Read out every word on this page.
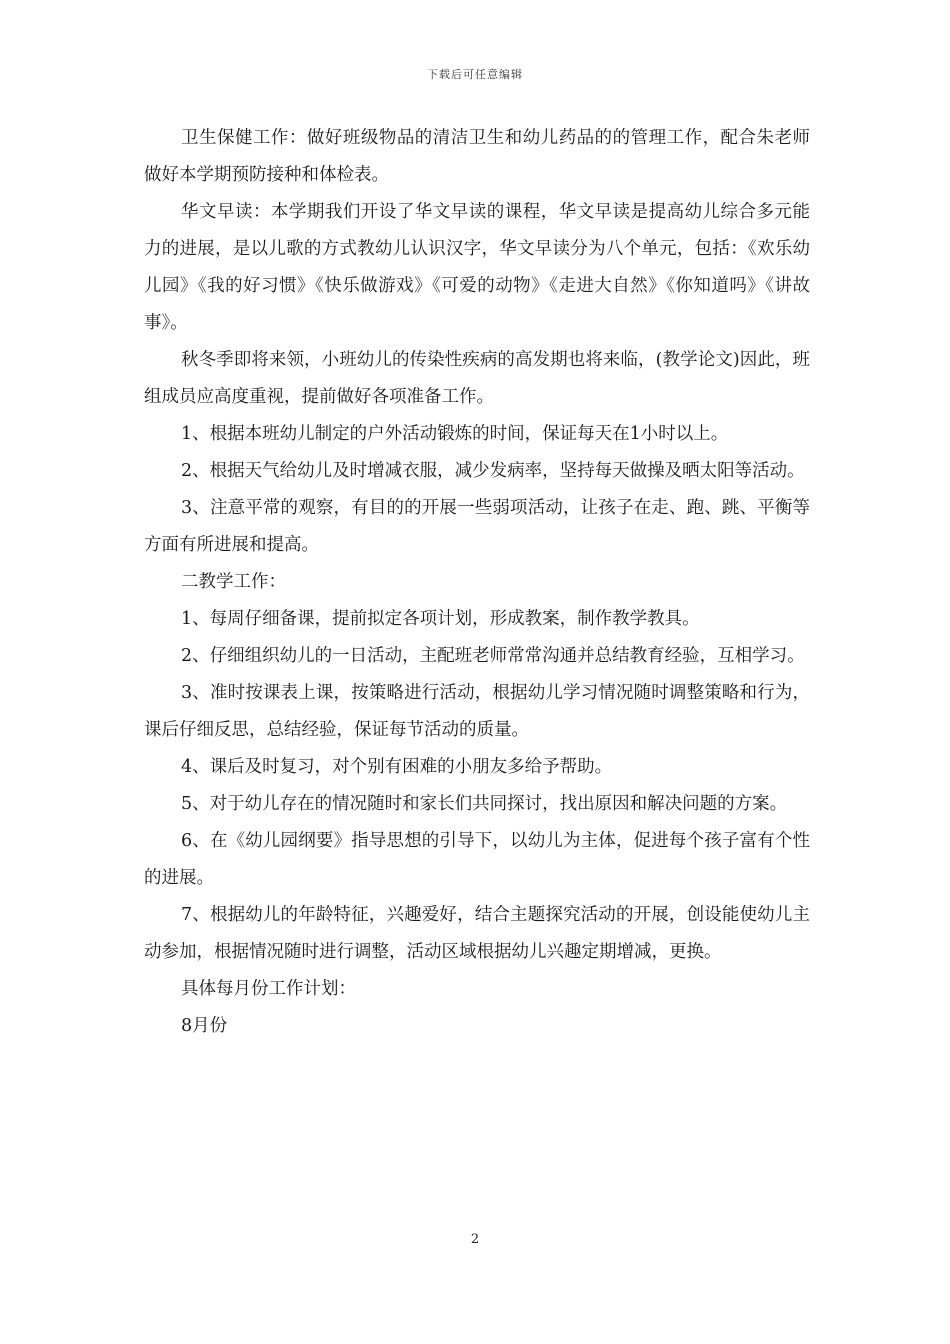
下载后可任意编辑

卫生保健工作：做好班级物品的清洁卫生和幼儿药品的的管理工作，配合朱老师做好本学期预防接种和体检表。

华文早读：本学期我们开设了华文早读的课程，华文早读是提高幼儿综合多元能力的进展，是以儿歌的方式教幼儿认识汉字，华文早读分为八个单元，包括：《欢乐幼儿园》《我的好习惯》《快乐做游戏》《可爱的动物》《走进大自然》《你知道吗》《讲故事》。

秋冬季即将来领，小班幼儿的传染性疾病的高发期也将来临，(教学论文)因此，班组成员应高度重视，提前做好各项准备工作。

1、根据本班幼儿制定的户外活动锻炼的时间，保证每天在1小时以上。

2、根据天气给幼儿及时增减衣服，减少发病率，坚持每天做操及晒太阳等活动。

3、注意平常的观察，有目的的开展一些弱项活动，让孩子在走、跑、跳、平衡等方面有所进展和提高。

二教学工作：

1、每周仔细备课，提前拟定各项计划，形成教案，制作教学教具。

2、仔细组织幼儿的一日活动，主配班老师常常沟通并总结教育经验，互相学习。

3、准时按课表上课，按策略进行活动，根据幼儿学习情况随时调整策略和行为，课后仔细反思，总结经验，保证每节活动的质量。

4、课后及时复习，对个别有困难的小朋友多给予帮助。

5、对于幼儿存在的情况随时和家长们共同探讨，找出原因和解决问题的方案。

6、在《幼儿园纲要》指导思想的引导下，以幼儿为主体，促进每个孩子富有个性的进展。

7、根据幼儿的年龄特征，兴趣爱好，结合主题探究活动的开展，创设能使幼儿主动参加，根据情况随时进行调整，活动区域根据幼儿兴趣定期增减，更换。

具体每月份工作计划：

8月份

2
